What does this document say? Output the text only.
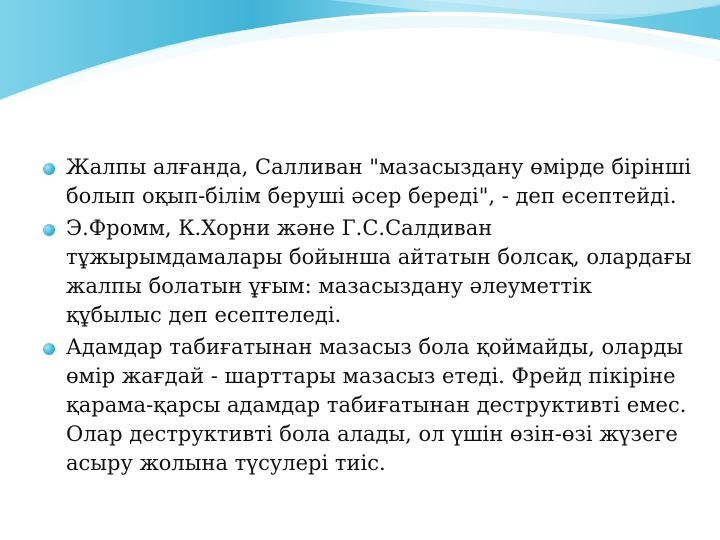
Жалпы алғанда, Салливан "мазасыздану өмірде бірінші
болып оқып-білім беруші әсер береді", - деп есептейді.
Э.Фромм, К.Хорни және Г.С.Салдиван
тұжырымдамалары бойынша айтатын болсақ, олардағы
жалпы болатын ұғым: мазасыздану әлеуметтік
құбылыс деп есептеледі.
Адамдар табиғатынан мазасыз бола қоймайды, оларды
өмір жағдай - шарттары мазасыз етеді. Фрейд пікіріне
қарама-қарсы адамдар табиғатынан деструктивті емес.
Олар деструктивті бола алады, ол үшін өзін-өзі жүзеге
асыру жолына түсулері тиіс.
